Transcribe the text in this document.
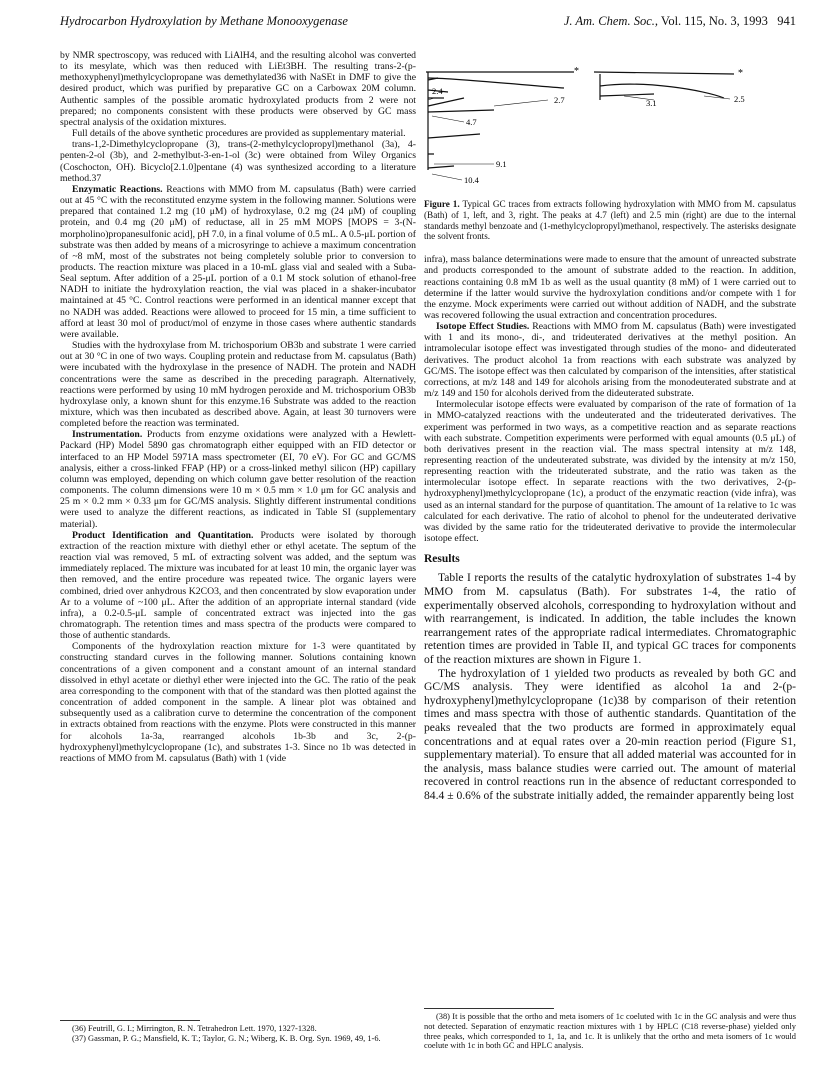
Hydrocarbon Hydroxylation by Methane Monooxygenase	J. Am. Chem. Soc., Vol. 115, No. 3, 1993 941

by NMR spectroscopy, was reduced with LiAlH4, and the resulting alcohol was converted to its mesylate, which was then reduced with LiEt3BH. The resulting trans-2-(p-methoxyphenyl)methylcyclopropane was demethylated36 with NaSEt in DMF to give the desired product, which was purified by preparative GC on a Carbowax 20M column. Authentic samples of the possible aromatic hydroxylated products from 2 were not prepared; no components consistent with these products were observed by GC mass spectral analysis of the oxidation mixtures.

Full details of the above synthetic procedures are provided as supplementary material.

trans-1,2-Dimethylcyclopropane (3), trans-(2-methylcyclopropyl)methanol (3a), 4-penten-2-ol (3b), and 2-methylbut-3-en-1-ol (3c) were obtained from Wiley Organics (Coschocton, OH). Bicyclo[2.1.0]pentane (4) was synthesized according to a literature method.37

Enzymatic Reactions. Reactions with MMO from M. capsulatus (Bath) were carried out at 45 °C with the reconstituted enzyme system in the following manner. Solutions were prepared that contained 1.2 mg (10 μM) of hydroxylase, 0.2 mg (24 μM) of coupling protein, and 0.4 mg (20 μM) of reductase, all in 25 mM MOPS [MOPS = 3-(N-morpholino)propanesulfonic acid], pH 7.0, in a final volume of 0.5 mL. A 0.5-μL portion of substrate was then added by means of a microsyringe to achieve a maximum concentration of ~8 mM, most of the substrates not being completely soluble prior to conversion to products. The reaction mixture was placed in a 10-mL glass vial and sealed with a Suba-Seal septum. After addition of a 25-μL portion of a 0.1 M stock solution of ethanol-free NADH to initiate the hydroxylation reaction, the vial was placed in a shaker-incubator maintained at 45 °C. Control reactions were performed in an identical manner except that no NADH was added. Reactions were allowed to proceed for 15 min, a time sufficient to afford at least 30 mol of product/mol of enzyme in those cases where authentic standards were available.

Studies with the hydroxylase from M. trichosporium OB3b and substrate 1 were carried out at 30 °C in one of two ways. Coupling protein and reductase from M. capsulatus (Bath) were incubated with the hydroxylase in the presence of NADH. The protein and NADH concentrations were the same as described in the preceding paragraph. Alternatively, reactions were performed by using 10 mM hydrogen peroxide and M. trichosporium OB3b hydroxylase only, a known shunt for this enzyme.16 Substrate was added to the reaction mixture, which was then incubated as described above. Again, at least 30 turnovers were completed before the reaction was terminated.

Instrumentation. Products from enzyme oxidations were analyzed with a Hewlett-Packard (HP) Model 5890 gas chromatograph either equipped with an FID detector or interfaced to an HP Model 5971A mass spectrometer (EI, 70 eV). For GC and GC/MS analysis, either a cross-linked FFAP (HP) or a cross-linked methyl silicon (HP) capillary column was employed, depending on which column gave better resolution of the reaction components. The column dimensions were 10 m × 0.5 mm × 1.0 μm for GC analysis and 25 m × 0.2 mm × 0.33 μm for GC/MS analysis. Slightly different instrumental conditions were used to analyze the different reactions, as indicated in Table SI (supplementary material).

Product Identification and Quantitation. Products were isolated by thorough extraction of the reaction mixture with diethyl ether or ethyl acetate. The septum of the reaction vial was removed, 5 mL of extracting solvent was added, and the septum was immediately replaced. The mixture was incubated for at least 10 min, the organic layer was then removed, and the entire procedure was repeated twice. The organic layers were combined, dried over anhydrous K2CO3, and then concentrated by slow evaporation under Ar to a volume of ~100 μL. After the addition of an appropriate internal standard (vide infra), a 0.2-0.5-μL sample of concentrated extract was injected into the gas chromatograph. The retention times and mass spectra of the products were compared to those of authentic standards.

Components of the hydroxylation reaction mixture for 1-3 were quantitated by constructing standard curves in the following manner. Solutions containing known concentrations of a given component and a constant amount of an internal standard dissolved in ethyl acetate or diethyl ether were injected into the GC. The ratio of the peak area corresponding to the component with that of the standard was then plotted against the concentration of added component in the sample. A linear plot was obtained and subsequently used as a calibration curve to determine the concentration of the component in extracts obtained from reactions with the enzyme. Plots were constructed in this manner for alcohols 1a-3a, rearranged alcohols 1b-3b and 3c, 2-(p-hydroxyphenyl)methylcyclopropane (1c), and substrates 1-3. Since no 1b was detected in reactions of MMO from M. capsulatus (Bath) with 1 (vide

(36) Feutrill, G. I.; Mirrington, R. N. Tetrahedron Lett. 1970, 1327-1328.

(37) Gassman, P. G.; Mansfield, K. T.; Taylor, G. N.; Wiberg, K. B. Org. Syn. 1969, 49, 1-6.

*
2.4
2.7
4.7
9.1
10.4
*
3.1	2.5
Figure 1. Typical GC traces from extracts following hydroxylation with MMO from M. capsulatus (Bath) of 1, left, and 3, right. The peaks at 4.7 (left) and 2.5 min (right) are due to the internal standards methyl benzoate and (1-methylcyclopropyl)methanol, respectively. The asterisks designate the solvent fronts.

infra), mass balance determinations were made to ensure that the amount of unreacted substrate and products corresponded to the amount of substrate added to the reaction. In addition, reactions containing 0.8 mM 1b as well as the usual quantity (8 mM) of 1 were carried out to determine if the latter would survive the hydroxylation conditions and/or compete with 1 for the enzyme. Mock experiments were carried out without addition of NADH, and the substrate was recovered following the usual extraction and concentration procedures.

Isotope Effect Studies. Reactions with MMO from M. capsulatus (Bath) were investigated with 1 and its mono-, di-, and trideuterated derivatives at the methyl position. An intramolecular isotope effect was investigated through studies of the mono- and dideuterated derivatives. The product alcohol 1a from reactions with each substrate was analyzed by GC/MS. The isotope effect was then calculated by comparison of the intensities, after statistical corrections, at m/z 148 and 149 for alcohols arising from the monodeuterated substrate and at m/z 149 and 150 for alcohols derived from the dideuterated substrate.

Intermolecular isotope effects were evaluated by comparison of the rate of formation of 1a in MMO-catalyzed reactions with the undeuterated and the trideuterated derivatives. The experiment was performed in two ways, as a competitive reaction and as separate reactions with each substrate. Competition experiments were performed with equal amounts (0.5 μL) of both derivatives present in the reaction vial. The mass spectral intensity at m/z 148, representing reaction of the undeuterated substrate, was divided by the intensity at m/z 150, representing reaction with the trideuterated substrate, and the ratio was taken as the intermolecular isotope effect. In separate reactions with the two derivatives, 2-(p-hydroxyphenyl)methylcyclopropane (1c), a product of the enzymatic reaction (vide infra), was used as an internal standard for the purpose of quantitation. The amount of 1a relative to 1c was calculated for each derivative. The ratio of alcohol to phenol for the undeuterated derivative was divided by the same ratio for the trideuterated derivative to provide the intermolecular isotope effect.

Results

Table I reports the results of the catalytic hydroxylation of substrates 1-4 by MMO from M. capsulatus (Bath). For substrates 1-4, the ratio of experimentally observed alcohols, corresponding to hydroxylation without and with rearrangement, is indicated. In addition, the table includes the known rearrangement rates of the appropriate radical intermediates. Chromatographic retention times are provided in Table II, and typical GC traces for components of the reaction mixtures are shown in Figure 1.

The hydroxylation of 1 yielded two products as revealed by both GC and GC/MS analysis. They were identified as alcohol 1a and 2-(p-hydroxyphenyl)methylcyclopropane (1c)38 by comparison of their retention times and mass spectra with those of authentic standards. Quantitation of the peaks revealed that the two products are formed in approximately equal concentrations and at equal rates over a 20-min reaction period (Figure S1, supplementary material). To ensure that all added material was accounted for in the analysis, mass balance studies were carried out. The amount of material recovered in control reactions run in the absence of reductant corresponded to 84.4 ± 0.6% of the substrate initially added, the remainder apparently being lost

(38) It is possible that the ortho and meta isomers of 1c coeluted with 1c in the GC analysis and were thus not detected. Separation of enzymatic reaction mixtures with 1 by HPLC (C18 reverse-phase) yielded only three peaks, which corresponded to 1, 1a, and 1c. It is unlikely that the ortho and meta isomers of 1c would coelute with 1c in both GC and HPLC analysis.
